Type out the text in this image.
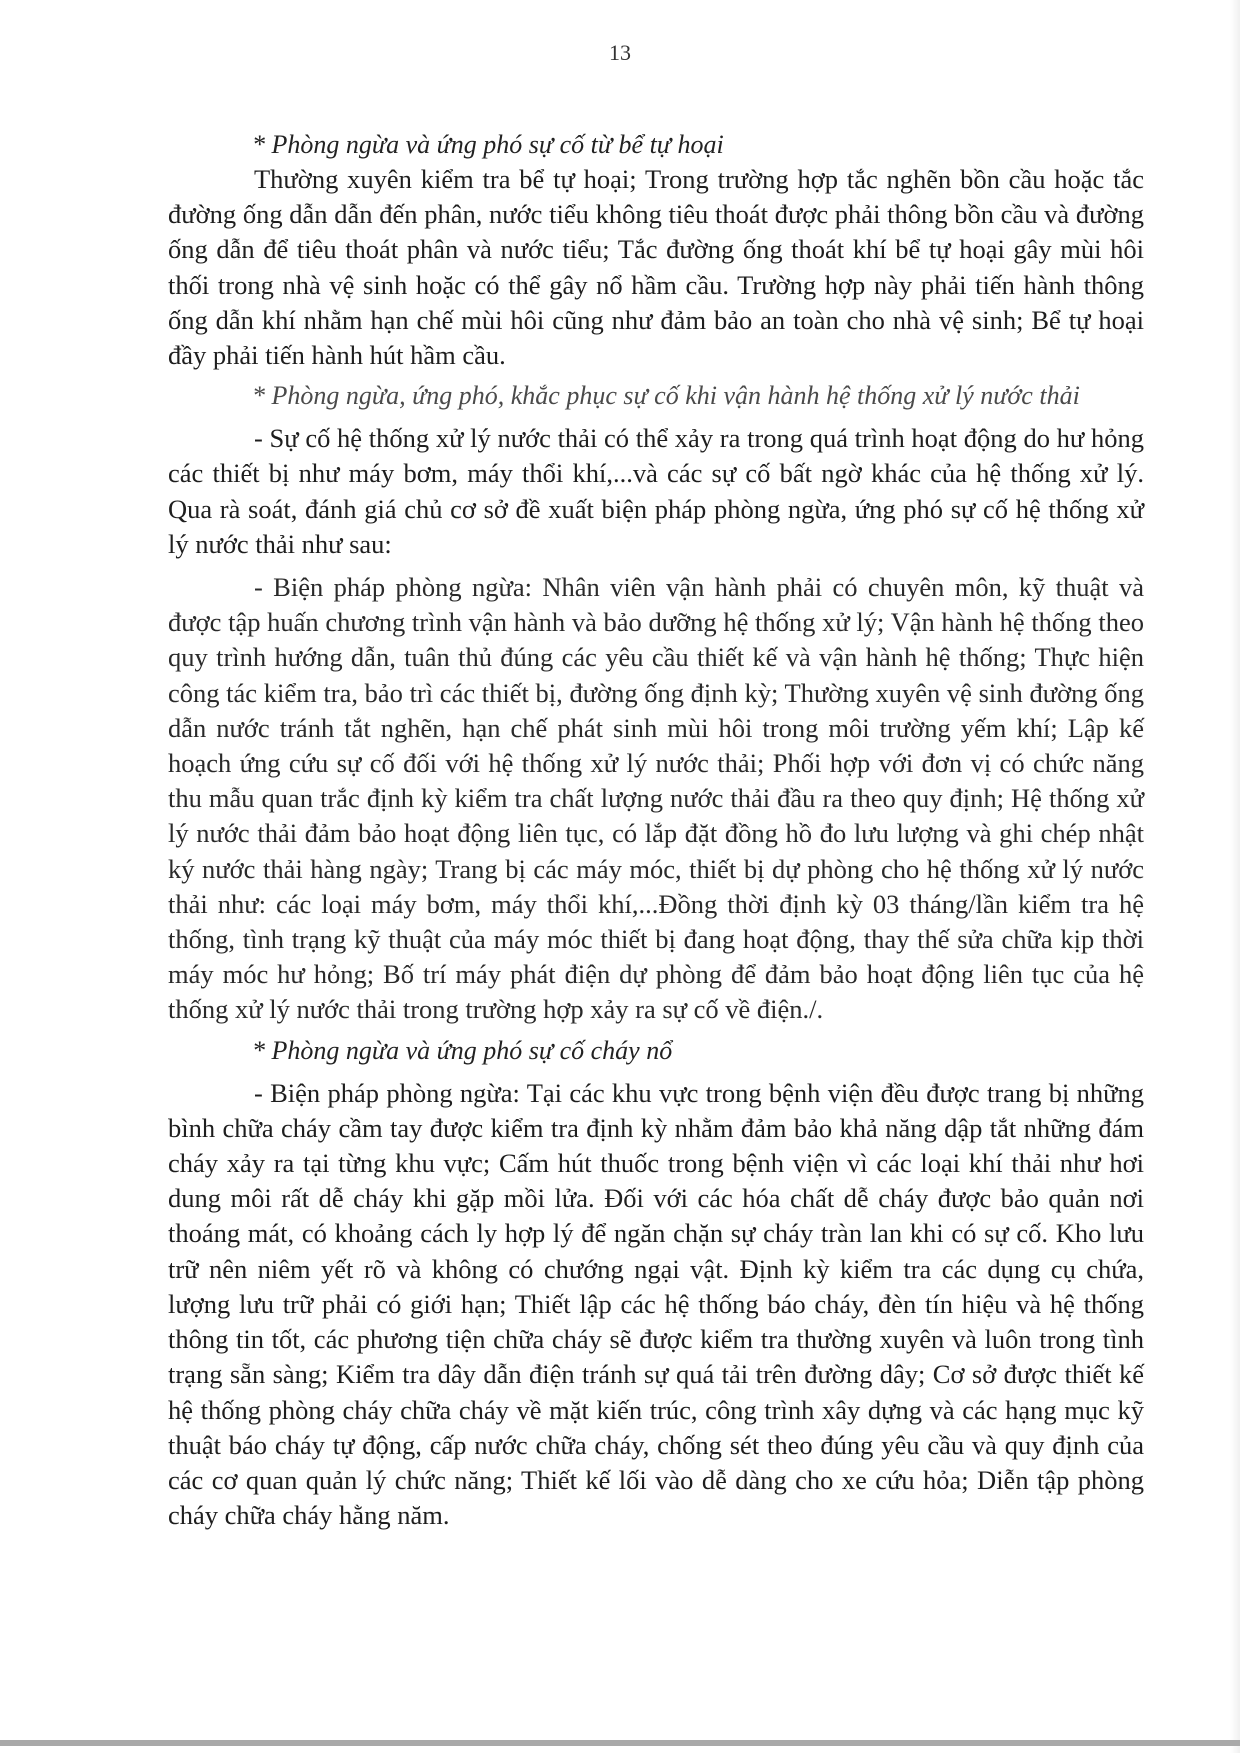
13

* Phòng ngừa và ứng phó sự cố từ bể tự hoại

Thường xuyên kiểm tra bể tự hoại; Trong trường hợp tắc nghẽn bồn cầu hoặc tắc đường ống dẫn dẫn đến phân, nước tiểu không tiêu thoát được phải thông bồn cầu và đường ống dẫn để tiêu thoát phân và nước tiểu; Tắc đường ống thoát khí bể tự hoại gây mùi hôi thối trong nhà vệ sinh hoặc có thể gây nổ hầm cầu. Trường hợp này phải tiến hành thông ống dẫn khí nhằm hạn chế mùi hôi cũng như đảm bảo an toàn cho nhà vệ sinh; Bể tự hoại đầy phải tiến hành hút hầm cầu.

* Phòng ngừa, ứng phó, khắc phục sự cố khi vận hành hệ thống xử lý nước thải

- Sự cố hệ thống xử lý nước thải có thể xảy ra trong quá trình hoạt động do hư hỏng các thiết bị như máy bơm, máy thổi khí,...và các sự cố bất ngờ khác của hệ thống xử lý. Qua rà soát, đánh giá chủ cơ sở đề xuất biện pháp phòng ngừa, ứng phó sự cố hệ thống xử lý nước thải như sau:

- Biện pháp phòng ngừa: Nhân viên vận hành phải có chuyên môn, kỹ thuật và được tập huấn chương trình vận hành và bảo dưỡng hệ thống xử lý; Vận hành hệ thống theo quy trình hướng dẫn, tuân thủ đúng các yêu cầu thiết kế và vận hành hệ thống; Thực hiện công tác kiểm tra, bảo trì các thiết bị, đường ống định kỳ; Thường xuyên vệ sinh đường ống dẫn nước tránh tắt nghẽn, hạn chế phát sinh mùi hôi trong môi trường yếm khí; Lập kế hoạch ứng cứu sự cố đối với hệ thống xử lý nước thải; Phối hợp với đơn vị có chức năng thu mẫu quan trắc định kỳ kiểm tra chất lượng nước thải đầu ra theo quy định; Hệ thống xử lý nước thải đảm bảo hoạt động liên tục, có lắp đặt đồng hồ đo lưu lượng và ghi chép nhật ký nước thải hàng ngày; Trang bị các máy móc, thiết bị dự phòng cho hệ thống xử lý nước thải như: các loại máy bơm, máy thổi khí,...Đồng thời định kỳ 03 tháng/lần kiểm tra hệ thống, tình trạng kỹ thuật của máy móc thiết bị đang hoạt động, thay thế sửa chữa kịp thời máy móc hư hỏng; Bố trí máy phát điện dự phòng để đảm bảo hoạt động liên tục của hệ thống xử lý nước thải trong trường hợp xảy ra sự cố về điện./.

* Phòng ngừa và ứng phó sự cố cháy nổ

- Biện pháp phòng ngừa: Tại các khu vực trong bệnh viện đều được trang bị những bình chữa cháy cầm tay được kiểm tra định kỳ nhằm đảm bảo khả năng dập tắt những đám cháy xảy ra tại từng khu vực; Cấm hút thuốc trong bệnh viện vì các loại khí thải như hơi dung môi rất dễ cháy khi gặp mồi lửa. Đối với các hóa chất dễ cháy được bảo quản nơi thoáng mát, có khoảng cách ly hợp lý để ngăn chặn sự cháy tràn lan khi có sự cố. Kho lưu trữ nên niêm yết rõ và không có chướng ngại vật. Định kỳ kiểm tra các dụng cụ chứa, lượng lưu trữ phải có giới hạn; Thiết lập các hệ thống báo cháy, đèn tín hiệu và hệ thống thông tin tốt, các phương tiện chữa cháy sẽ được kiểm tra thường xuyên và luôn trong tình trạng sẵn sàng; Kiểm tra dây dẫn điện tránh sự quá tải trên đường dây; Cơ sở được thiết kế hệ thống phòng cháy chữa cháy về mặt kiến trúc, công trình xây dựng và các hạng mục kỹ thuật báo cháy tự động, cấp nước chữa cháy, chống sét theo đúng yêu cầu và quy định của các cơ quan quản lý chức năng; Thiết kế lối vào dễ dàng cho xe cứu hỏa; Diễn tập phòng cháy chữa cháy hằng năm.
